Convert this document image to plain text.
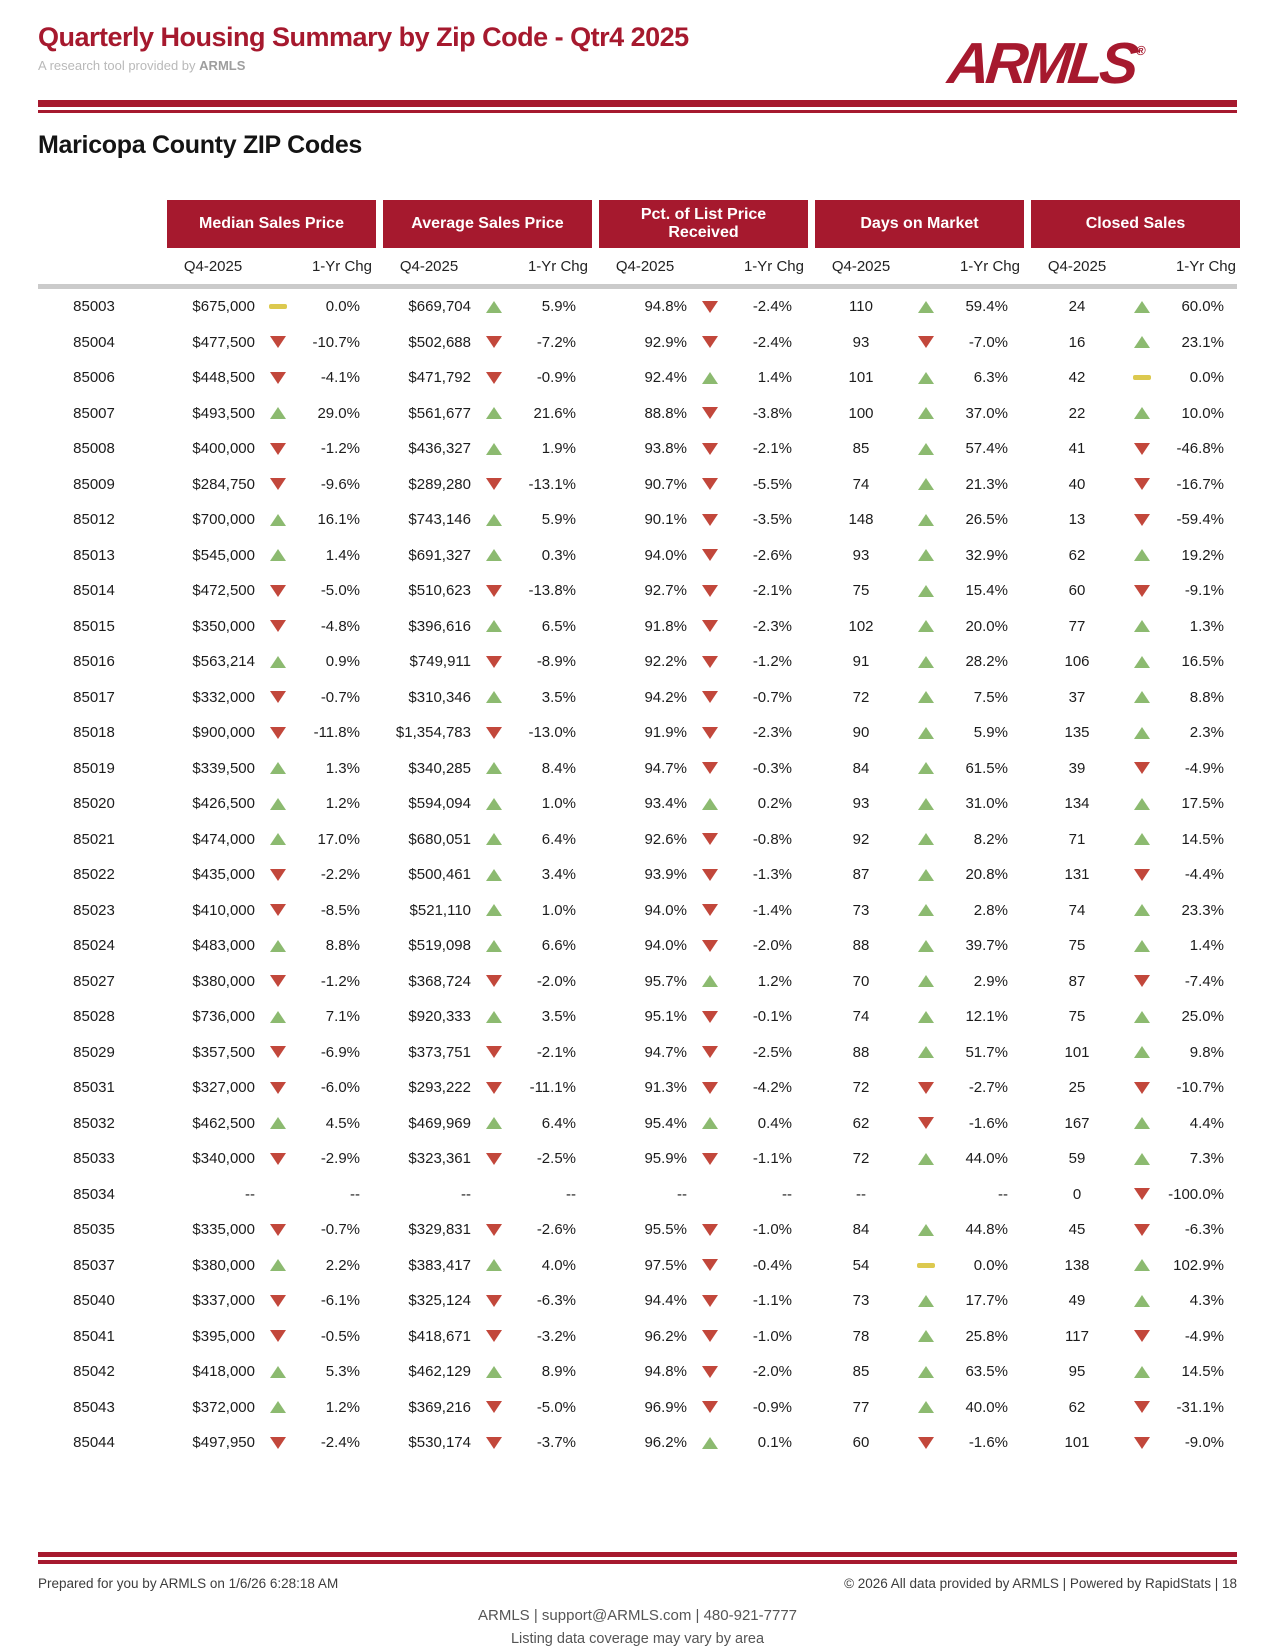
Quarterly Housing Summary by Zip Code - Qtr4 2025
A research tool provided by ARMLS	ARMLS®
Maricopa County ZIP Codes
Median Sales Price	Average Sales Price
Pct. of List Price Received
Days on Market	Closed Sales
Q4-2025	1-Yr Chg	Q4-2025	1-Yr Chg	Q4-2025	1-Yr Chg	Q4-2025	1-Yr Chg	Q4-2025	1-Yr Chg
85003	$675,000	0.0%	$669,704	5.9%	94.8%	-2.4%	110	59.4%	24	60.0%
85004	$477,500	-10.7%	$502,688	-7.2%	92.9%	-2.4%	93	-7.0%	16	23.1%
85006	$448,500	-4.1%	$471,792	-0.9%	92.4%	1.4%	101	6.3%	42	0.0%
85007	$493,500	29.0%	$561,677	21.6%	88.8%	-3.8%	100	37.0%	22	10.0%
85008	$400,000	-1.2%	$436,327	1.9%	93.8%	-2.1%	85	57.4%	41	-46.8%
85009	$284,750	-9.6%	$289,280	-13.1%	90.7%	-5.5%	74	21.3%	40	-16.7%
85012	$700,000	16.1%	$743,146	5.9%	90.1%	-3.5%	148	26.5%	13	-59.4%
85013	$545,000	1.4%	$691,327	0.3%	94.0%	-2.6%	93	32.9%	62	19.2%
85014	$472,500	-5.0%	$510,623	-13.8%	92.7%	-2.1%	75	15.4%	60	-9.1%
85015	$350,000	-4.8%	$396,616	6.5%	91.8%	-2.3%	102	20.0%	77	1.3%
85016	$563,214	0.9%	$749,911	-8.9%	92.2%	-1.2%	91	28.2%	106	16.5%
85017	$332,000	-0.7%	$310,346	3.5%	94.2%	-0.7%	72	7.5%	37	8.8%
85018	$900,000	-11.8%	$1,354,783	-13.0%	91.9%	-2.3%	90	5.9%	135	2.3%
85019	$339,500	1.3%	$340,285	8.4%	94.7%	-0.3%	84	61.5%	39	-4.9%
85020	$426,500	1.2%	$594,094	1.0%	93.4%	0.2%	93	31.0%	134	17.5%
85021	$474,000	17.0%	$680,051	6.4%	92.6%	-0.8%	92	8.2%	71	14.5%
85022	$435,000	-2.2%	$500,461	3.4%	93.9%	-1.3%	87	20.8%	131	-4.4%
85023	$410,000	-8.5%	$521,110	1.0%	94.0%	-1.4%	73	2.8%	74	23.3%
85024	$483,000	8.8%	$519,098	6.6%	94.0%	-2.0%	88	39.7%	75	1.4%
85027	$380,000	-1.2%	$368,724	-2.0%	95.7%	1.2%	70	2.9%	87	-7.4%
85028	$736,000	7.1%	$920,333	3.5%	95.1%	-0.1%	74	12.1%	75	25.0%
85029	$357,500	-6.9%	$373,751	-2.1%	94.7%	-2.5%	88	51.7%	101	9.8%
85031	$327,000	-6.0%	$293,222	-11.1%	91.3%	-4.2%	72	-2.7%	25	-10.7%
85032	$462,500	4.5%	$469,969	6.4%	95.4%	0.4%	62	-1.6%	167	4.4%
85033	$340,000	-2.9%	$323,361	-2.5%	95.9%	-1.1%	72	44.0%	59	7.3%
85034	--	--	--	--	--	--	--	--	0	-100.0%
85035	$335,000	-0.7%	$329,831	-2.6%	95.5%	-1.0%	84	44.8%	45	-6.3%
85037	$380,000	2.2%	$383,417	4.0%	97.5%	-0.4%	54	0.0%	138	102.9%
85040	$337,000	-6.1%	$325,124	-6.3%	94.4%	-1.1%	73	17.7%	49	4.3%
85041	$395,000	-0.5%	$418,671	-3.2%	96.2%	-1.0%	78	25.8%	117	-4.9%
85042	$418,000	5.3%	$462,129	8.9%	94.8%	-2.0%	85	63.5%	95	14.5%
85043	$372,000	1.2%	$369,216	-5.0%	96.9%	-0.9%	77	40.0%	62	-31.1%
85044	$497,950	-2.4%	$530,174	-3.7%	96.2%	0.1%	60	-1.6%	101	-9.0%
Prepared for you by ARMLS on 1/6/26 6:28:18 AM	© 2026 All data provided by ARMLS | Powered by RapidStats | 18
ARMLS | support@ARMLS.com | 480-921-7777
Listing data coverage may vary by area
